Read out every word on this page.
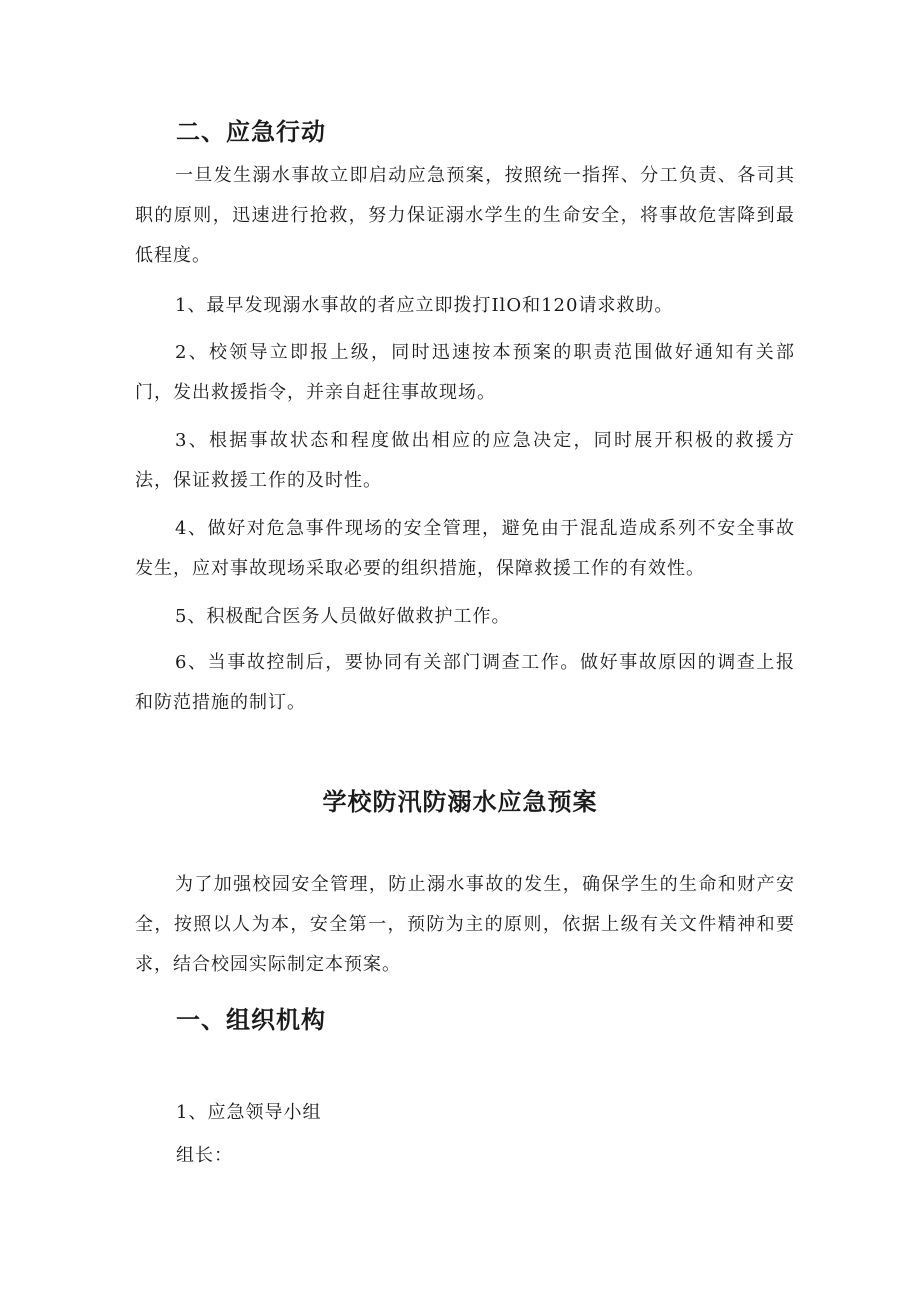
二、应急行动

一旦发生溺水事故立即启动应急预案，按照统一指挥、分工负责、各司其职的原则，迅速进行抢救，努力保证溺水学生的生命安全，将事故危害降到最低程度。

1、最早发现溺水事故的者应立即拨打IlO和120请求救助。

2、校领导立即报上级，同时迅速按本预案的职责范围做好通知有关部门，发出救援指令，并亲自赶往事故现场。

3、根据事故状态和程度做出相应的应急决定，同时展开积极的救援方法，保证救援工作的及时性。

4、做好对危急事件现场的安全管理，避免由于混乱造成系列不安全事故发生，应对事故现场采取必要的组织措施，保障救援工作的有效性。

5、积极配合医务人员做好做救护工作。

6、当事故控制后，要协同有关部门调查工作。做好事故原因的调查上报和防范措施的制订。

学校防汛防溺水应急预案

为了加强校园安全管理，防止溺水事故的发生，确保学生的生命和财产安全，按照以人为本，安全第一，预防为主的原则，依据上级有关文件精神和要求，结合校园实际制定本预案。

一、组织机构

1、应急领导小组

组长：
